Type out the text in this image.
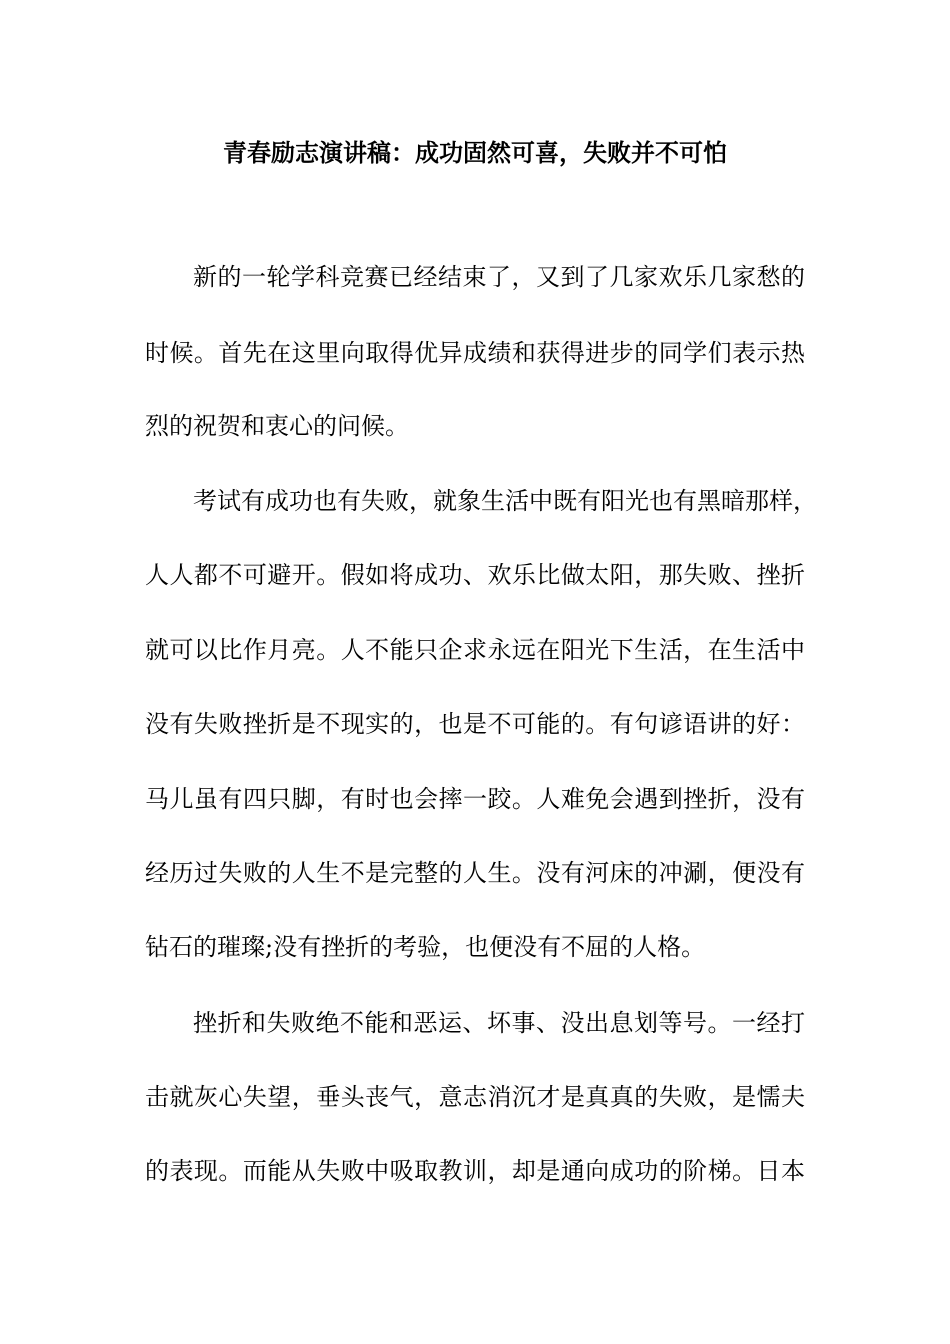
青春励志演讲稿：成功固然可喜，失败并不可怕
新的一轮学科竞赛已经结束了，又到了几家欢乐几家愁的
时候。首先在这里向取得优异成绩和获得进步的同学们表示热
烈的祝贺和衷心的问候。
考试有成功也有失败，就象生活中既有阳光也有黑暗那样，
人人都不可避开。假如将成功、欢乐比做太阳，那失败、挫折
就可以比作月亮。人不能只企求永远在阳光下生活，在生活中
没有失败挫折是不现实的，也是不可能的。有句谚语讲的好：
马儿虽有四只脚，有时也会摔一跤。人难免会遇到挫折，没有
经历过失败的人生不是完整的人生。没有河床的冲涮，便没有
钻石的璀璨;没有挫折的考验，也便没有不屈的人格。
挫折和失败绝不能和恶运、坏事、没出息划等号。一经打
击就灰心失望，垂头丧气，意志消沉才是真真的失败，是懦夫
的表现。而能从失败中吸取教训，却是通向成功的阶梯。日本
